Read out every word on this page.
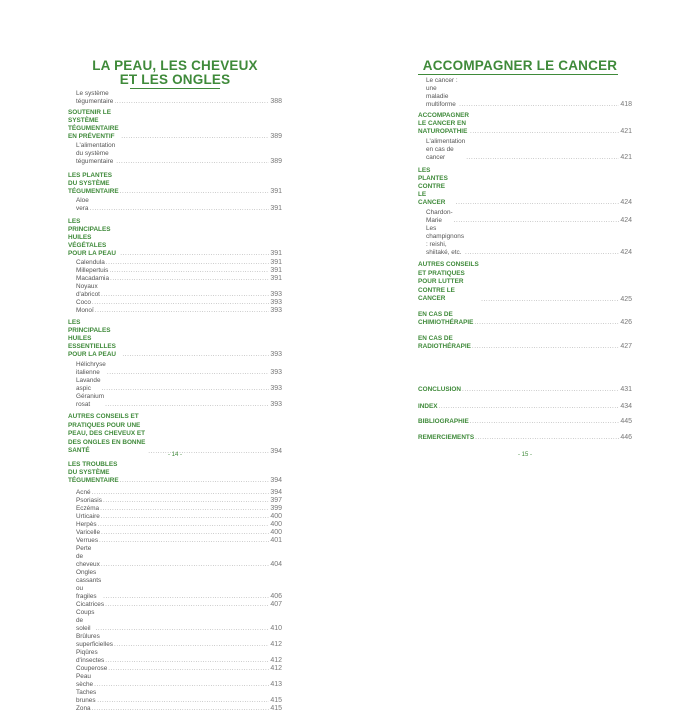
LA PEAU, LES CHEVEUX
ET LES ONGLES
Le système tégumentaire .....	388
SOUTENIR LE SYSTÈME TÉGUMENTAIRE EN PRÉVENTIF .....	389
L'alimentation du système tégumentaire .....	389
LES PLANTES DU SYSTÈME TÉGUMENTAIRE .....	391
Aloe vera .....	391
LES PRINCIPALES HUILES VÉGÉTALES POUR LA PEAU .....	391
Calendula .....	391
Millepertuis .....	391
Macadamia .....	391
Noyaux d'abricot .....	393
Coco .....	393
Monoï .....	393
LES PRINCIPALES HUILES ESSENTIELLES POUR LA PEAU .....	393
Hélichryse italienne .....	393
Lavande aspic .....	393
Géranium rosat .....	393
AUTRES CONSEILS ET PRATIQUES POUR UNE PEAU, DES CHEVEUX ET DES ONGLES EN BONNE SANTÉ .....	394
LES TROUBLES DU SYSTÈME TÉGUMENTAIRE .....	394
Acné .....	394
Psoriasis .....	397
Eczéma .....	399
Urticaire .....	400
Herpès .....	400
Varicelle .....	400
Verrues .....	401
Perte de cheveux .....	404
Ongles cassants ou fragiles .....	406
Cicatrices .....	407
Coups de soleil .....	410
Brûlures superficielles .....	412
Piqûres d'insectes .....	412
Couperose .....	412
Peau sèche .....	413
Taches brunes .....	415
Zona .....	415
- 14 -
ACCOMPAGNER LE CANCER
Le cancer : une maladie multiforme .....	418
ACCOMPAGNER LE CANCER EN NATUROPATHIE .....	421
L'alimentation en cas de cancer .....	421
LES PLANTES CONTRE LE CANCER .....	424
Chardon-Marie .....	424
Les champignons : reishi, shiitaké, etc. .....	424
AUTRES CONSEILS ET PRATIQUES POUR LUTTER CONTRE LE CANCER .....	425
EN CAS DE CHIMIOTHÉRAPIE .....	426
EN CAS DE RADIOTHÉRAPIE .....	427
CONCLUSION .....	431
INDEX .....	434
BIBLIOGRAPHIE .....	445
REMERCIEMENTS .....	446
- 15 -
